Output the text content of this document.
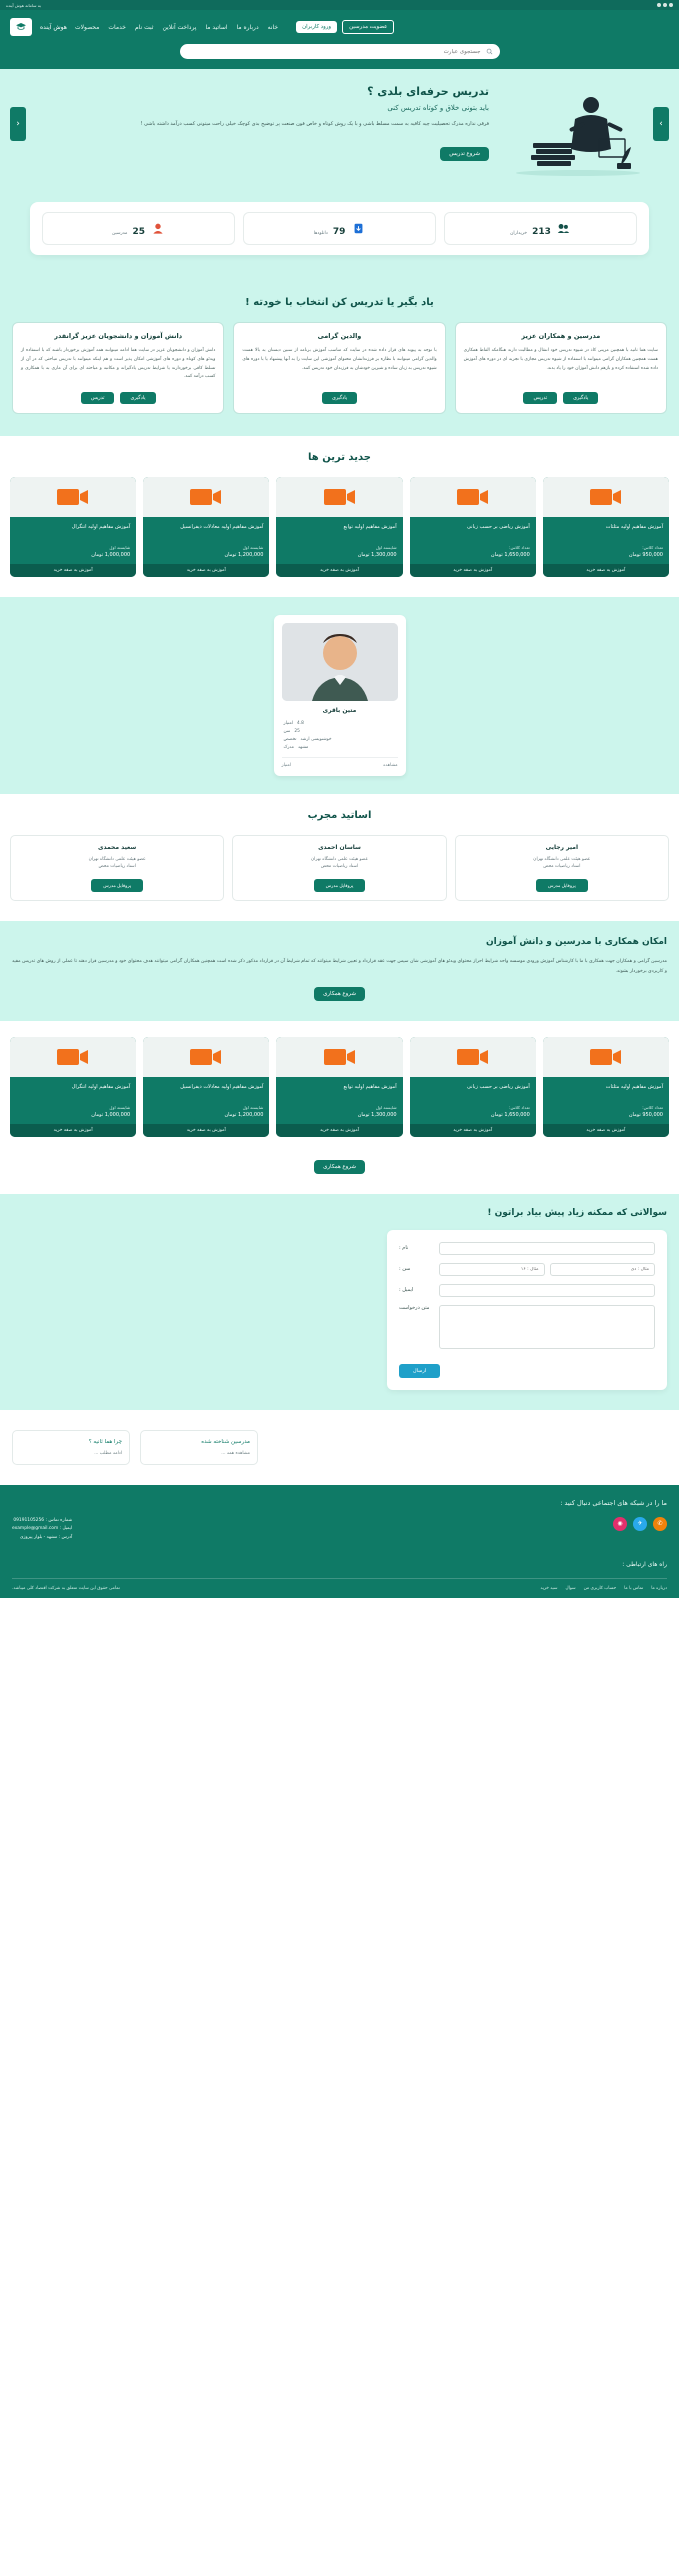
به سامانه هوش آینده
عضویت مدرسین
ورود کاربران
خانه
درباره ما
اساتید ما
پرداخت آنلاین
ثبت نام
خدمات
محصولات
هوش آینده
جستجوی عبارت
›
تدریس حرفه‌ای بلدی ؟
باید بتونی خلاق و کوتاه تدریس کنی

فرقی نداره مدرک تحصیلیت چیه کافیه به سمت مسلط باشی و با یک روش کوتاه و خاص فون صنعت پر توضیح بدی کوچک خیلی راحت میتونی کسب درآمد داشته باشی !

شروع تدریس
‹
213 خریداران
79 دانلودها
25 مدرسین
یاد بگیر یا تدریس کن انتخاب با خودته !
مدرسین و همکاران عزیز

سایت هما ثانیه با همچنین مزیتی کاذ در شیوه تدریس خود انتقال و مطالبت دارند هنگامکه الفاظ همکاری هست همچنین همکاران گرامی میتوانند با استفاده از شیوه تدریس مجازی با تجربه ای در دوره های آموزش داده شده استفاده کرده و بازهم دانش آموزان خود را یاد بدند.

یادگیری
تدریس
والدین گرامی

با توجه به پیوند های قرار داده شده در سایت که مناسب آموزش برنامه از سنین دبستان به بالا هست والدین گرامی میتوانند با نظاره بر فرزندانشان محتوای آموزشی این سایت را به آنها پیشنهاد یا با دوره های شیوه تدریس به زبان ساده و شیرین خودشان به فرزندان خود تدریس کنند.

یادگیری
دانش آموزان و دانشجویان عزیز گرانقدر

دانش آموزان و دانشجویان عزیز در سایت هما ادامه میتوانند همه آموزش برخوردار باشند که با استفاده از ویدئو های کوتاه و دوره های آموزشی امکان پذیر است و هم اینکه میتوانند با تدریس مباحثی که در آن از تسلط کافی برخوردارند یا شرایط تدریس یادگیرانه و مکاتبه و مباحثه ای برای آن ماری به با همکاری و کسب درآمد کنند.

یادگیری
تدریس
جدید ترین ها
آموزش مفاهیم اولیه مثلثات
تعداد کلاس:
950,000 تومان
آموزش به صفه خرید
آموزش ریاضی بر حسب زبانی
تعداد کلاس:
1,650,000 تومان
آموزش به صفه خرید
آموزش مفاهیم اولیه توابع
شایسته اول
1,300,000 تومان
آموزش به صفه خرید
آموزش مفاهیم اولیه معادلات دیفرانسیل
شایسته اول
1,200,000 تومان
آموزش به صفه خرید
آموزش مفاهیم اولیه انتگرال
شایسته اول
1,000,000 تومان
آموزش به صفه خرید
متین باقری
4.8
امتیاز
25
سن
خوشنویسی ارشد
تخصص
مشهد
مدرک
مشاهده
امتیاز
اساتید مجرب
امیر رجایی
عضو هیئت علمی دانشگاه تهران
استاد ریاضیات محض
پروفایل مدرس
ساسان احمدی
عضو هیئت علمی دانشگاه تهران
استاد ریاضیات محض
پروفایل مدرس
سعید محمدی
عضو هیئت علمی دانشگاه تهران
استاد ریاضیات محض
پروفایل مدرس
امکان همکاری با مدرسین و دانش آموزان

مدرسین گرامی و همکاران جهت همکاری با ما با کارشناس آموزش ورودی موسسه واحد شرایط احراز محتوای ویدئو های آموزشی شان سپس جهت عقد قرارداد و تعیین شرایط میتوانند که تمام شرایط آن در قرارداد مذکور ذکر شده است همچنین همکاران گرامی میتوانند هدف محتوای خود و مدرسین قرار دهند تا عملی از روش های تدریس مفید و کاربردی برخوردار بشوند.

شروع همکاری
آموزش مفاهیم اولیه مثلثات
تعداد کلاس:
950,000 تومان
آموزش به صفه خرید
آموزش ریاضی بر حسب زبانی
تعداد کلاس:
1,650,000 تومان
آموزش به صفه خرید
آموزش مفاهیم اولیه توابع
شایسته اول
1,300,000 تومان
آموزش به صفه خرید
آموزش مفاهیم اولیه معادلات دیفرانسیل
شایسته اول
1,200,000 تومان
آموزش به صفه خرید
آموزش مفاهیم اولیه انتگرال
شایسته اول
1,000,000 تومان
آموزش به صفه خرید
شروع همکاری
سوالاتی که ممکنه زیاد پیش بیاد براتون !
نام :
مثال : دی
مثال : ۱۶
سن :
ایمیل :
متن درخواست
ارسال
مدرسین شناخته شده
مشاهده همه ...
چرا هما ثانیه ؟
ادامه مطلب ...
ما را در شبکه های اجتماعی دنبال کنید :
✆
✈
◉
شماره تماس : 09191105256
ایمیل : example@gmail.com
آدرس : مشهد - بلوار پیروزی
راه های ارتباطی :
درباره ما
تماس با ما
حساب کاربری من
سوال
سید خرید
تمامی حقوق این سایت متعلق به شرکت اقتصاد کلی میباشد.
